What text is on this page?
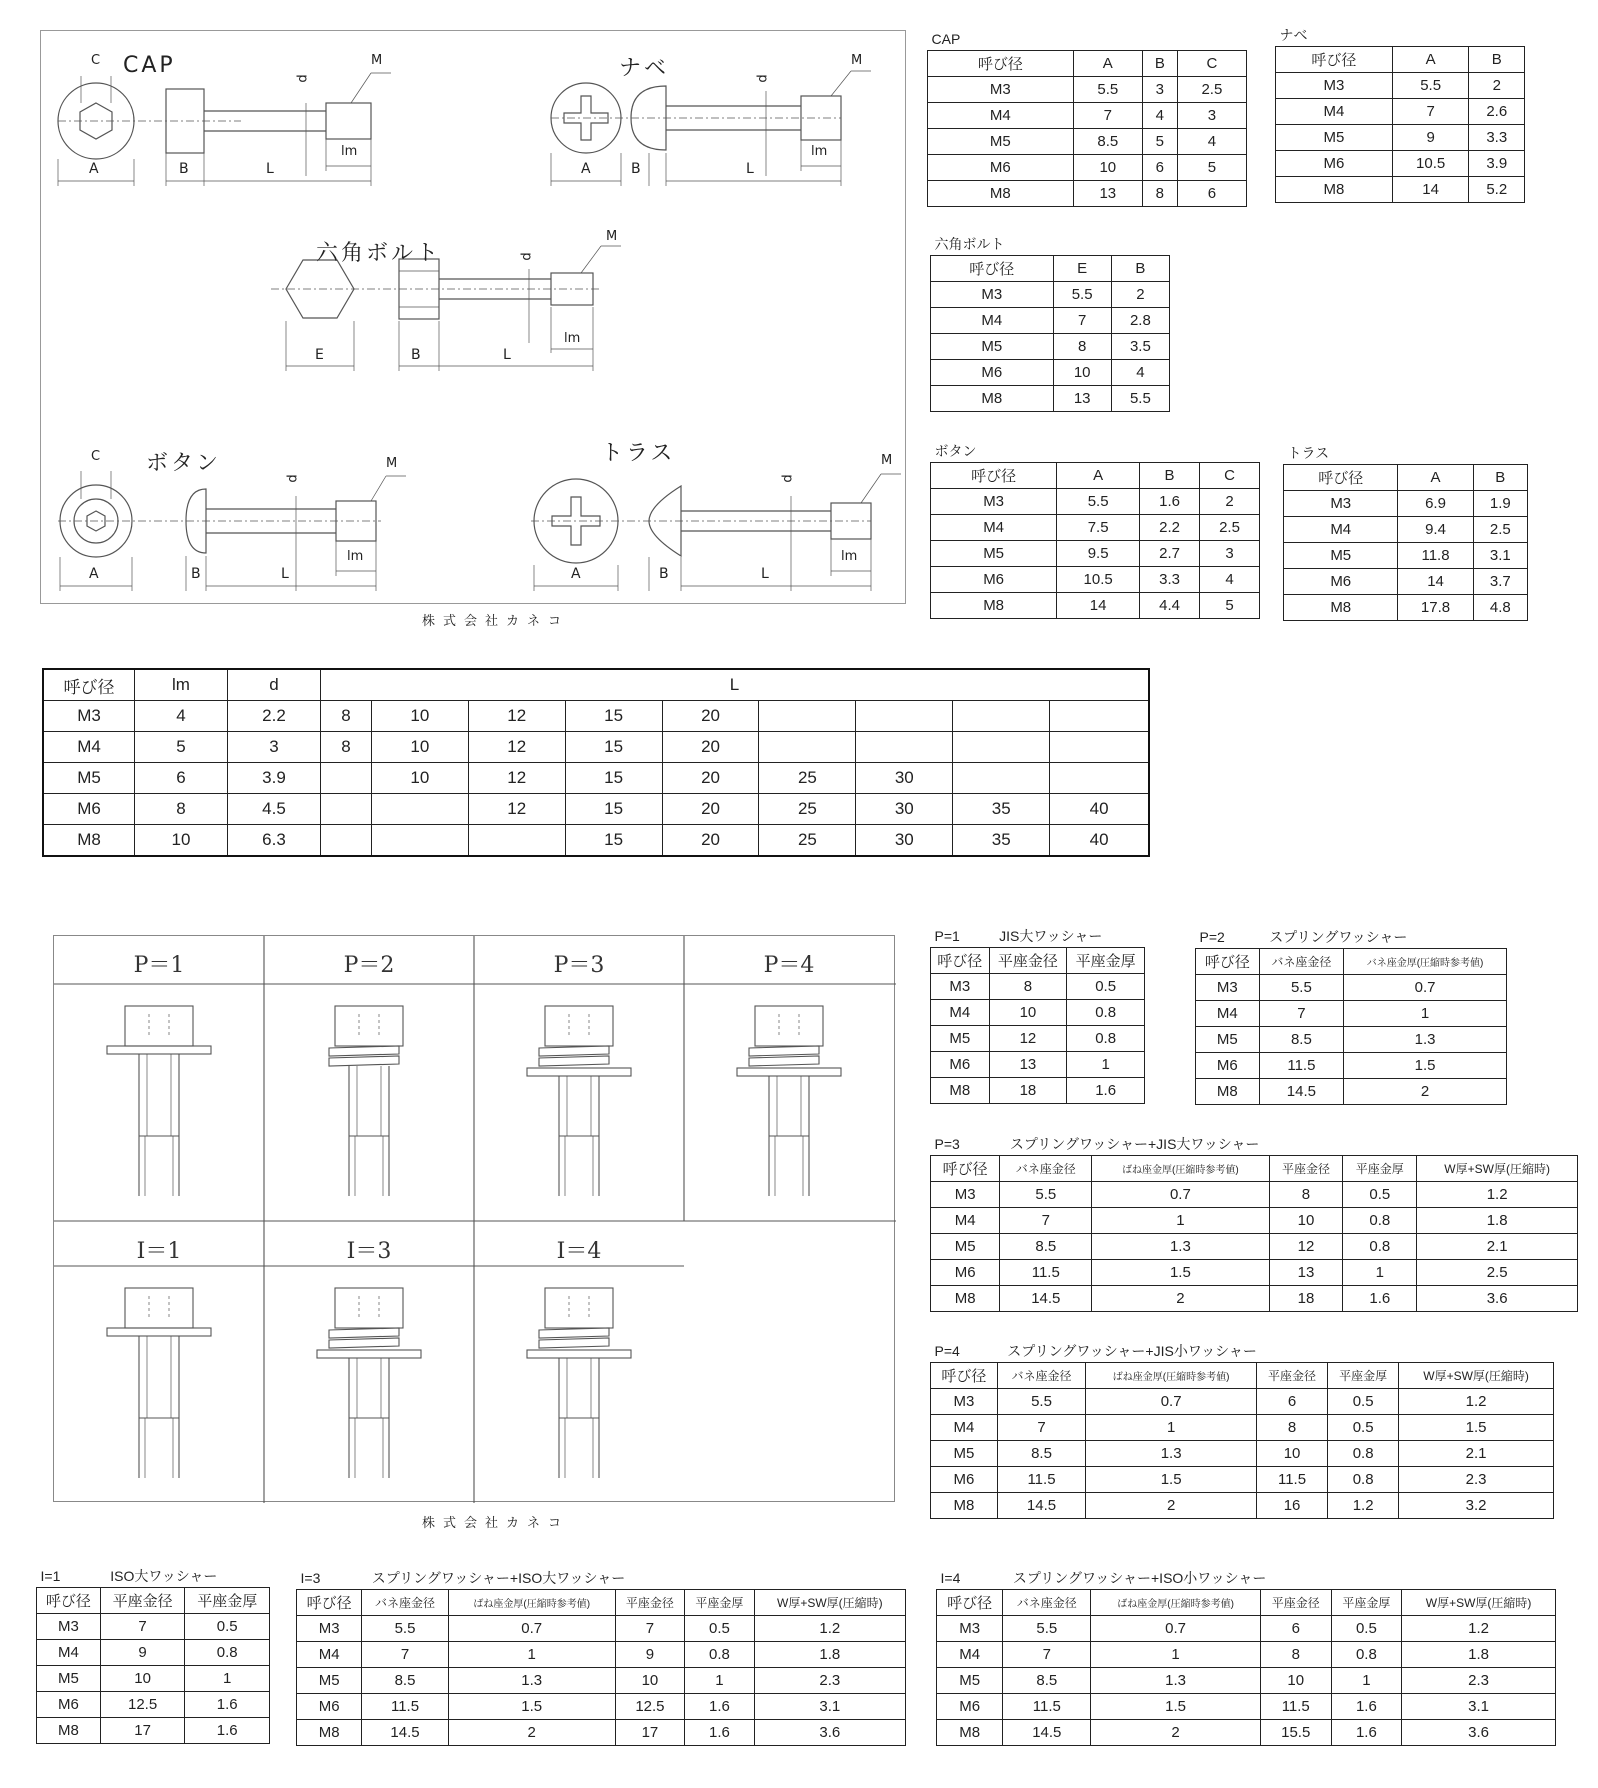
CAP	ナベ
六角ボルト
ボタン	トラス
A	B	L
C
lm
M
d
A	B	L
lm
M
d
E	B	L
lm
M
d
A	B	L
C
lm
M
d
A	B	L
lm
M
d
株式会社カネコ
CAP			
呼び径	A	B	C
M3	5.5	3	2.5
M4	7	4	3
M5	8.5	5	4
M6	10	6	5
M8	13	8	6
ナベ		
呼び径	A	B
M3	5.5	2
M4	7	2.6
M5	9	3.3
M6	10.5	3.9
M8	14	5.2
六角ボルト		
呼び径	E	B
M3	5.5	2
M4	7	2.8
M5	8	3.5
M6	10	4
M8	13	5.5
ボタン			
呼び径	A	B	C
M3	5.5	1.6	2
M4	7.5	2.2	2.5
M5	9.5	2.7	3
M6	10.5	3.3	4
M8	14	4.4	5
トラス		
呼び径	A	B
M3	6.9	1.9
M4	9.4	2.5
M5	11.8	3.1
M6	14	3.7
M8	17.8	4.8
呼び径	lm	d	L								
M3	4	2.2	8	10	12	15	20				
M4	5	3	8	10	12	15	20				
M5	6	3.9		10	12	15	20	25	30		
M6	8	4.5			12	15	20	25	30	35	40
M8	10	6.3				15	20	25	30	35	40
P＝1	P＝2	P＝3	P＝4
I＝1	I＝3	I＝4
株式会社カネコ
P=1	JIS大ワッシャー	
呼び径	平座金径	平座金厚
M3	8	0.5
M4	10	0.8
M5	12	0.8
M6	13	1
M8	18	1.6
P=2	スプリングワッシャー	
呼び径	バネ座金径	バネ座金厚(圧縮時参考値)
M3	5.5	0.7
M4	7	1
M5	8.5	1.3
M6	11.5	1.5
M8	14.5	2
P=3	スプリングワッシャー+JIS大ワッシャー				
呼び径	バネ座金径	ばね座金厚(圧縮時参考値)	平座金径	平座金厚	W厚+SW厚(圧縮時)
M3	5.5	0.7	8	0.5	1.2
M4	7	1	10	0.8	1.8
M5	8.5	1.3	12	0.8	2.1
M6	11.5	1.5	13	1	2.5
M8	14.5	2	18	1.6	3.6
P=4	スプリングワッシャー+JIS小ワッシャー				
呼び径	バネ座金径	ばね座金厚(圧縮時参考値)	平座金径	平座金厚	W厚+SW厚(圧縮時)
M3	5.5	0.7	6	0.5	1.2
M4	7	1	8	0.5	1.5
M5	8.5	1.3	10	0.8	2.1
M6	11.5	1.5	11.5	0.8	2.3
M8	14.5	2	16	1.2	3.2
I=1	ISO大ワッシャー	
呼び径	平座金径	平座金厚
M3	7	0.5
M4	9	0.8
M5	10	1
M6	12.5	1.6
M8	17	1.6
I=3	スプリングワッシャー+ISO大ワッシャー				
呼び径	バネ座金径	ばね座金厚(圧縮時参考値)	平座金径	平座金厚	W厚+SW厚(圧縮時)
M3	5.5	0.7	7	0.5	1.2
M4	7	1	9	0.8	1.8
M5	8.5	1.3	10	1	2.3
M6	11.5	1.5	12.5	1.6	3.1
M8	14.5	2	17	1.6	3.6
I=4	スプリングワッシャー+ISO小ワッシャー				
呼び径	バネ座金径	ばね座金厚(圧縮時参考値)	平座金径	平座金厚	W厚+SW厚(圧縮時)
M3	5.5	0.7	6	0.5	1.2
M4	7	1	8	0.8	1.8
M5	8.5	1.3	10	1	2.3
M6	11.5	1.5	11.5	1.6	3.1
M8	14.5	2	15.5	1.6	3.6
